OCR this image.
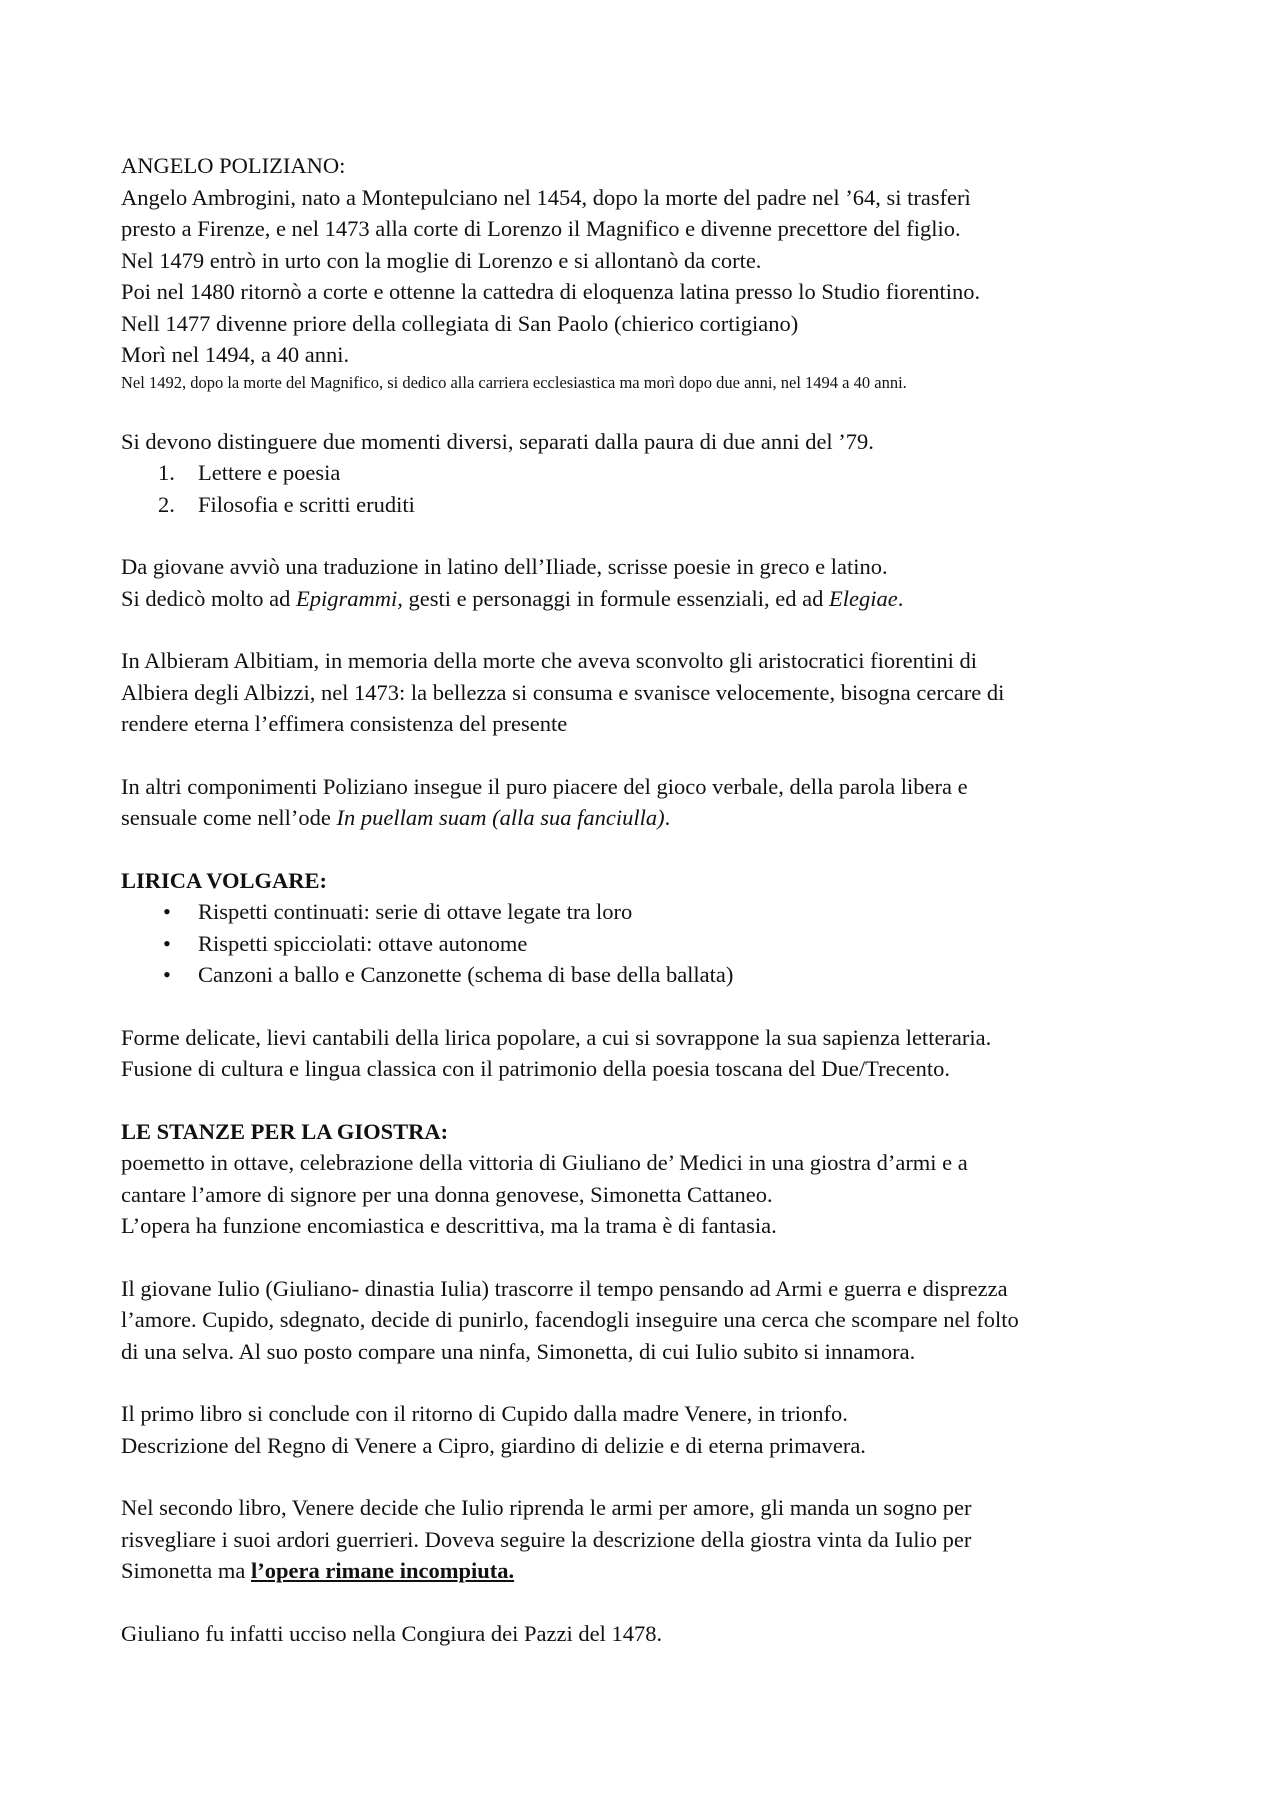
ANGELO POLIZIANO:
Angelo Ambrogini, nato a Montepulciano nel 1454, dopo la morte del padre nel ’64, si trasferì
presto a Firenze, e nel 1473 alla corte di Lorenzo il Magnifico e divenne precettore del figlio.
Nel 1479 entrò in urto con la moglie di Lorenzo e si allontanò da corte.
Poi nel 1480 ritornò a corte e ottenne la cattedra di eloquenza latina presso lo Studio fiorentino.
Nell 1477 divenne priore della collegiata di San Paolo (chierico cortigiano)
Morì nel 1494, a 40 anni.
Nel 1492, dopo la morte del Magnifico, si dedico alla carriera ecclesiastica ma morì dopo due anni, nel 1494 a 40 anni.
Si devono distinguere due momenti diversi, separati dalla paura di due anni del ’79.
1.	Lettere e poesia
2.	Filosofia e scritti eruditi
Da giovane avviò una traduzione in latino dell’Iliade, scrisse poesie in greco e latino.
Si dedicò molto ad Epigrammi, gesti e personaggi in formule essenziali, ed ad Elegiae.
In Albieram Albitiam, in memoria della morte che aveva sconvolto gli aristocratici fiorentini di
Albiera degli Albizzi, nel 1473: la bellezza si consuma e svanisce velocemente, bisogna cercare di
rendere eterna l’effimera consistenza del presente
In altri componimenti Poliziano insegue il puro piacere del gioco verbale, della parola libera e
sensuale come nell’ode In puellam suam (alla sua fanciulla).
LIRICA VOLGARE:
•	Rispetti continuati: serie di ottave legate tra loro
•	Rispetti spicciolati: ottave autonome
•	Canzoni a ballo e Canzonette (schema di base della ballata)
Forme delicate, lievi cantabili della lirica popolare, a cui si sovrappone la sua sapienza letteraria.
Fusione di cultura e lingua classica con il patrimonio della poesia toscana del Due/Trecento.
LE STANZE PER LA GIOSTRA:
poemetto in ottave, celebrazione della vittoria di Giuliano de’ Medici in una giostra d’armi e a
cantare l’amore di signore per una donna genovese, Simonetta Cattaneo.
L’opera ha funzione encomiastica e descrittiva, ma la trama è di fantasia.
Il giovane Iulio (Giuliano- dinastia Iulia) trascorre il tempo pensando ad Armi e guerra e disprezza
l’amore. Cupido, sdegnato, decide di punirlo, facendogli inseguire una cerca che scompare nel folto
di una selva. Al suo posto compare una ninfa, Simonetta, di cui Iulio subito si innamora.
Il primo libro si conclude con il ritorno di Cupido dalla madre Venere, in trionfo.
Descrizione del Regno di Venere a Cipro, giardino di delizie e di eterna primavera.
Nel secondo libro, Venere decide che Iulio riprenda le armi per amore, gli manda un sogno per
risvegliare i suoi ardori guerrieri. Doveva seguire la descrizione della giostra vinta da Iulio per
Simonetta ma l’opera rimane incompiuta.
Giuliano fu infatti ucciso nella Congiura dei Pazzi del 1478.
